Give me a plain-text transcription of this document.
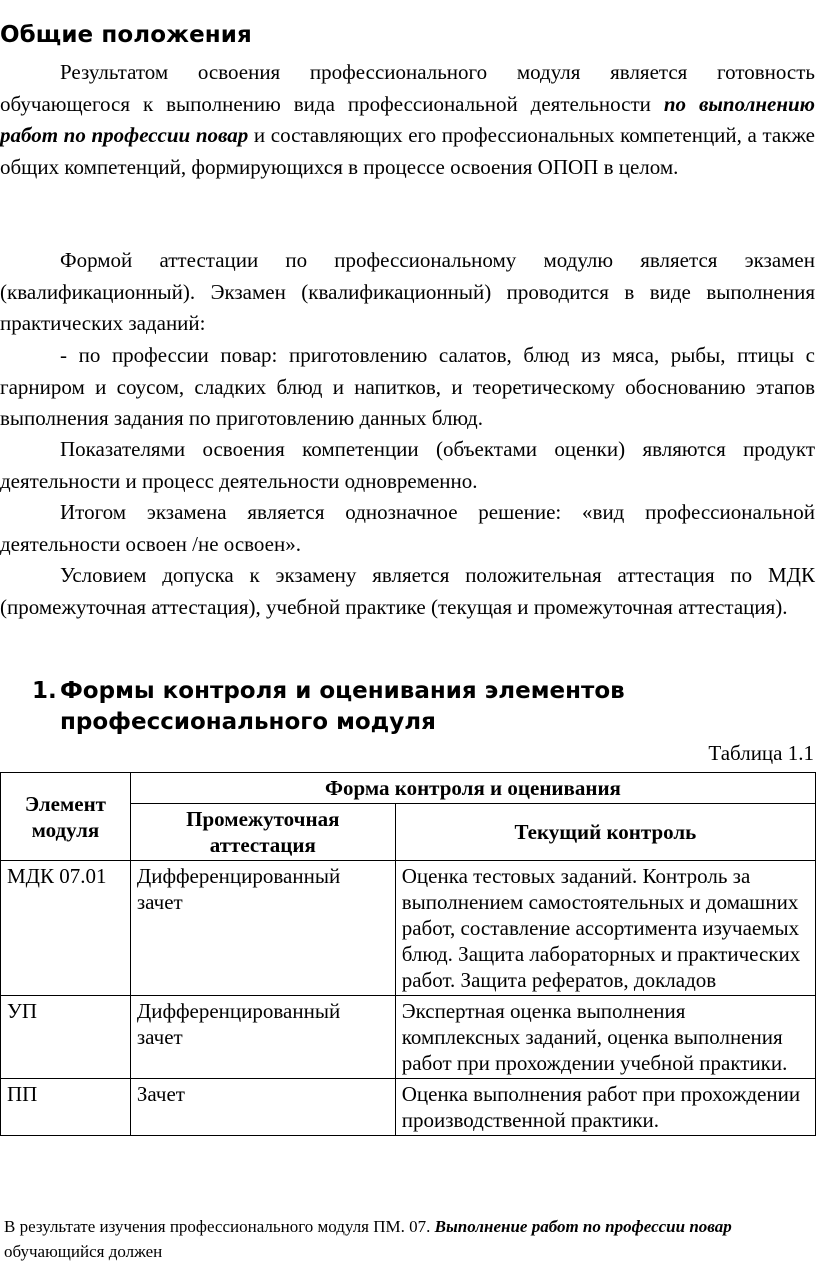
Общие положения
Результатом освоения профессионального модуля является готовность обучающегося к выполнению вида профессиональной деятельности по выполнению работ по профессии повар и составляющих его профессиональных компетенций, а также общих компетенций, формирующихся в процессе освоения ОПОП в целом.
Формой аттестации по профессиональному модулю является экзамен (квалификационный). Экзамен (квалификационный) проводится в виде выполнения практических заданий:
- по профессии повар: приготовлению салатов, блюд из мяса, рыбы, птицы с гарниром и соусом, сладких блюд и напитков, и теоретическому обоснованию этапов выполнения задания по приготовлению данных блюд.
Показателями освоения компетенции (объектами оценки) являются продукт деятельности и процесс деятельности одновременно.
Итогом экзамена является однозначное решение: «вид профессиональной деятельности освоен /не освоен».
Условием допуска к экзамену является положительная аттестация по МДК (промежуточная аттестация), учебной практике (текущая и промежуточная аттестация).
1. Формы контроля и оценивания элементов
профессионального модуля
Таблица 1.1
Элемент модуля	Форма контроля и оценивания	
	Промежуточная аттестация	Текущий контроль
МДК 07.01	Дифференцированный зачет	Оценка тестовых заданий. Контроль за выполнением самостоятельных и домашних работ, составление ассортимента изучаемых блюд. Защита лабораторных и практических работ. Защита рефератов, докладов
УП	Дифференцированный зачет	Экспертная оценка выполнения комплексных заданий, оценка выполнения работ при прохождении учебной практики.
ПП	Зачет	Оценка выполнения работ при прохождении производственной практики.
В результате изучения профессионального модуля ПМ. 07. Выполнение работ по профессии повар обучающийся должен
